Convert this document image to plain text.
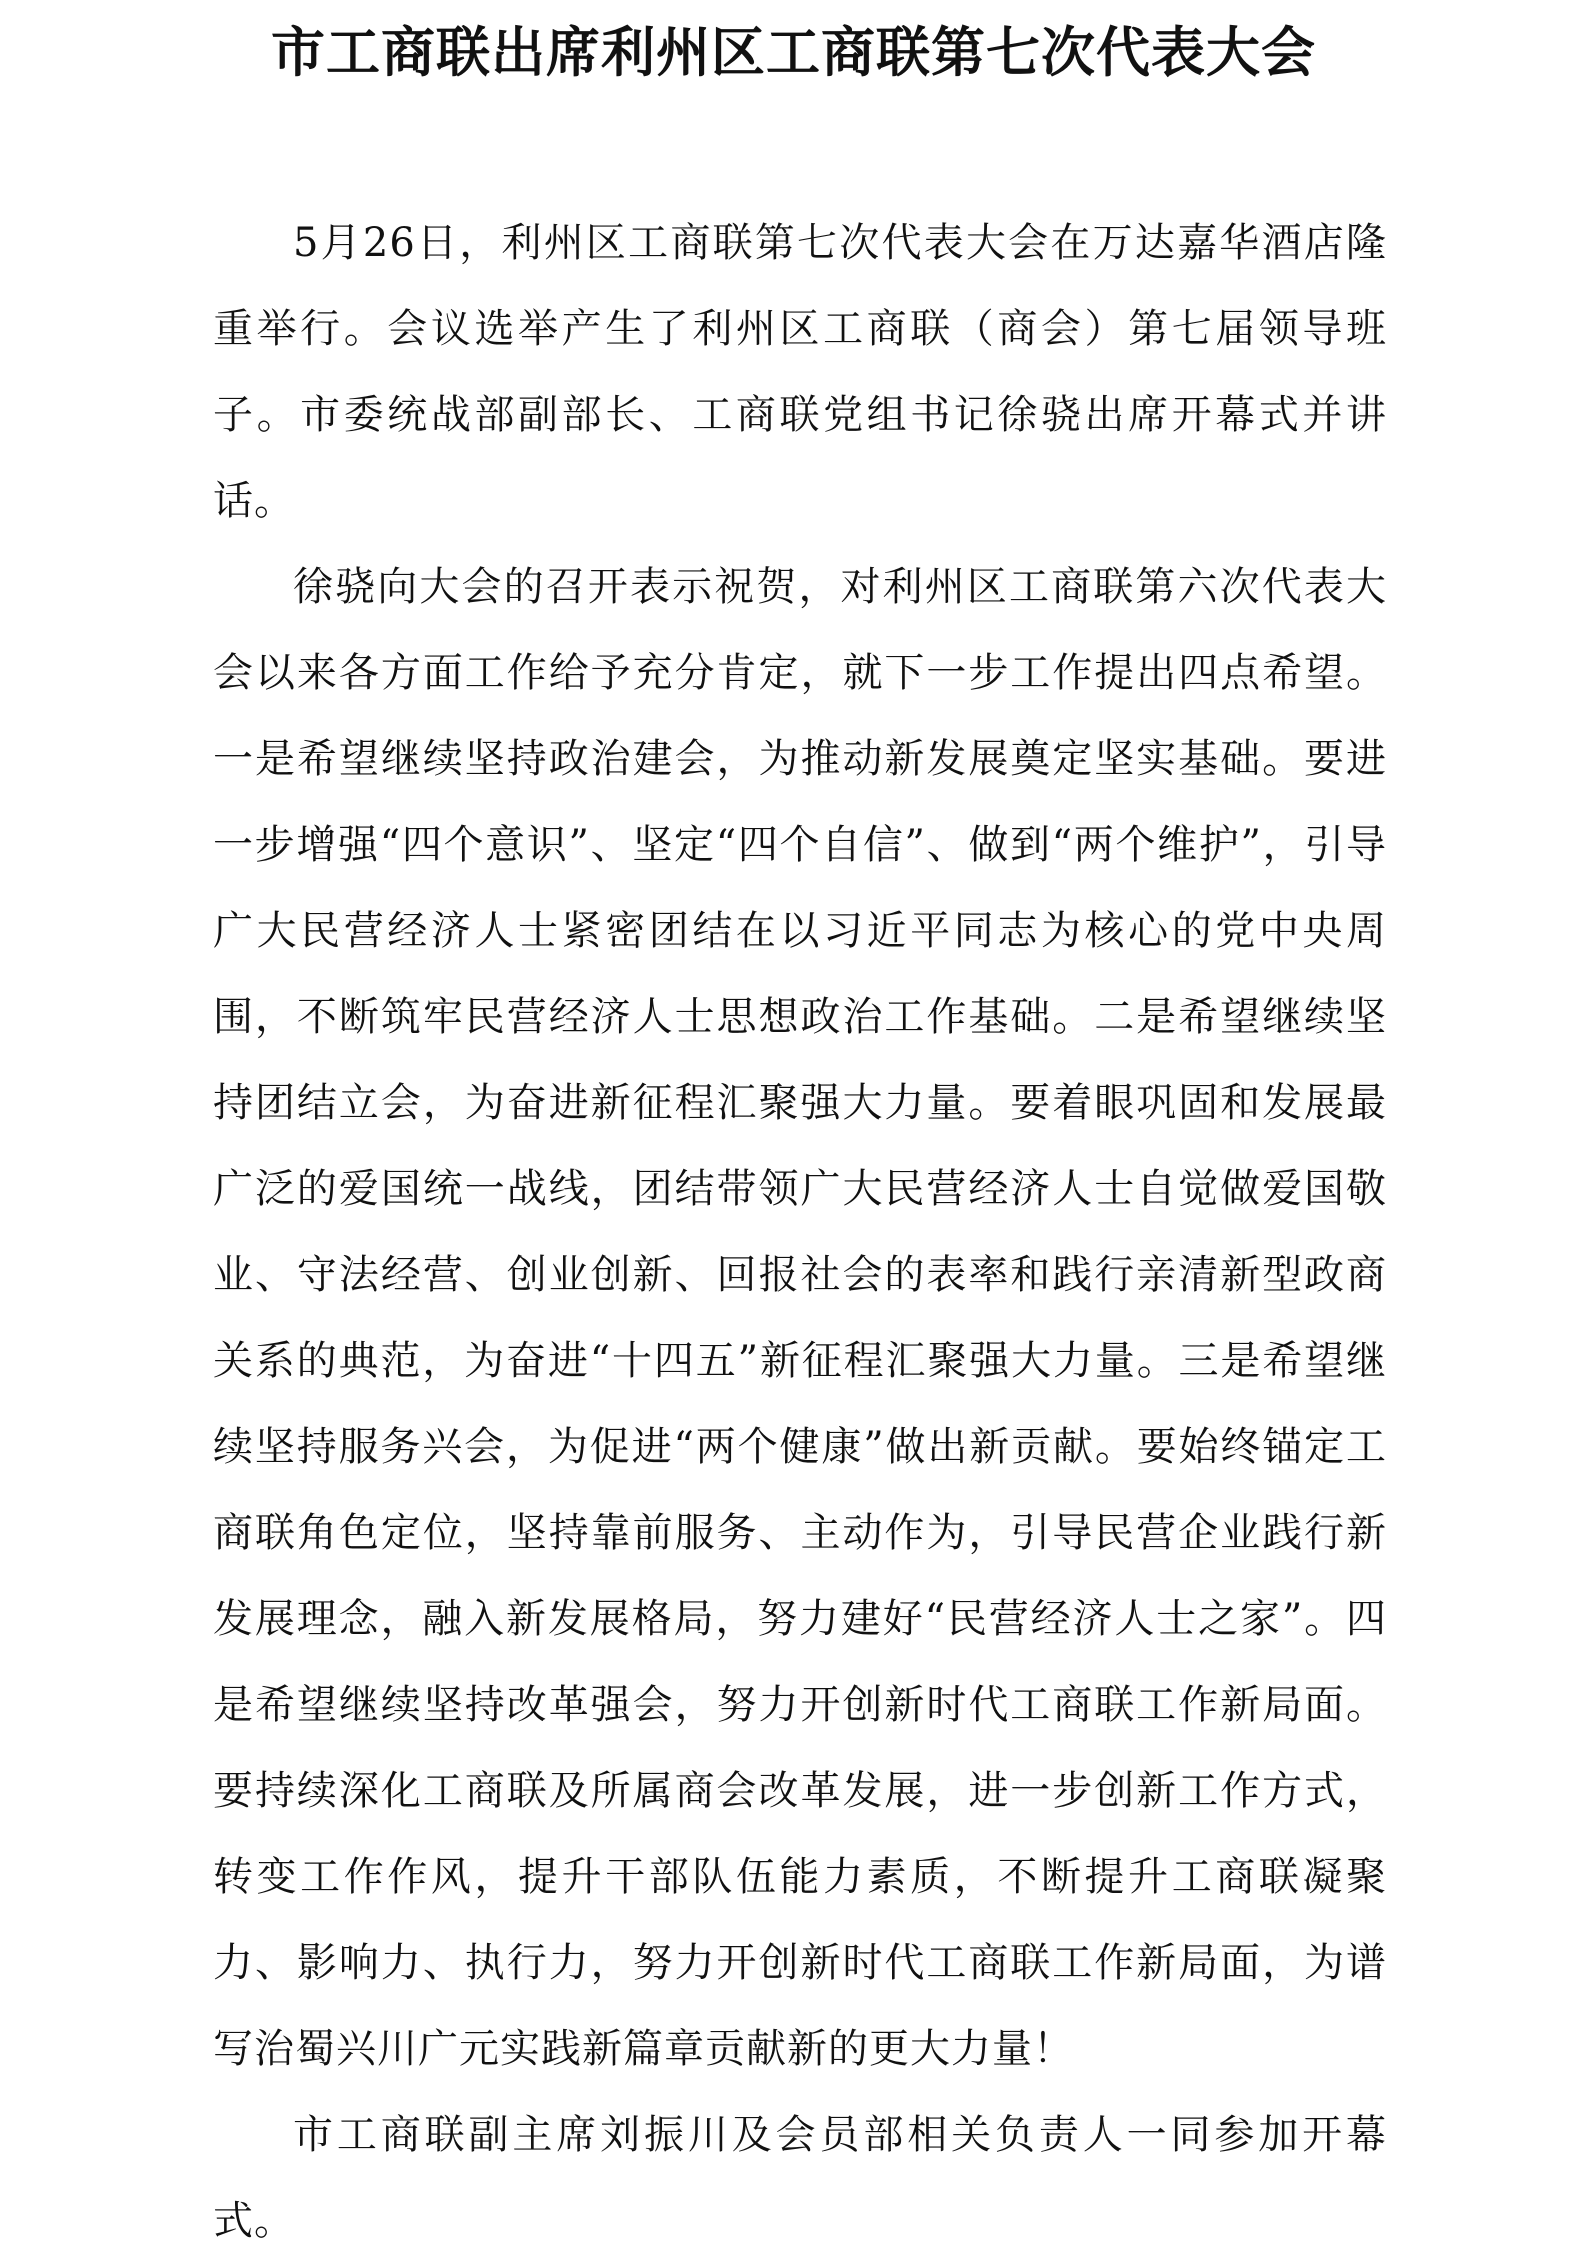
市工商联出席利州区工商联第七次代表大会

5月26日，利州区工商联第七次代表大会在万达嘉华酒店隆重举行。会议选举产生了利州区工商联（商会）第七届领导班子。市委统战部副部长、工商联党组书记徐骁出席开幕式并讲话。

徐骁向大会的召开表示祝贺，对利州区工商联第六次代表大会以来各方面工作给予充分肯定，就下一步工作提出四点希望。一是希望继续坚持政治建会，为推动新发展奠定坚实基础。要进一步增强“四个意识”、坚定“四个自信”、做到“两个维护”，引导广大民营经济人士紧密团结在以习近平同志为核心的党中央周围，不断筑牢民营经济人士思想政治工作基础。二是希望继续坚持团结立会，为奋进新征程汇聚强大力量。要着眼巩固和发展最广泛的爱国统一战线，团结带领广大民营经济人士自觉做爱国敬业、守法经营、创业创新、回报社会的表率和践行亲清新型政商关系的典范，为奋进“十四五”新征程汇聚强大力量。三是希望继续坚持服务兴会，为促进“两个健康”做出新贡献。要始终锚定工商联角色定位，坚持靠前服务、主动作为，引导民营企业践行新发展理念，融入新发展格局，努力建好“民营经济人士之家”。四是希望继续坚持改革强会，努力开创新时代工商联工作新局面。要持续深化工商联及所属商会改革发展，进一步创新工作方式，转变工作作风，提升干部队伍能力素质，不断提升工商联凝聚力、影响力、执行力，努力开创新时代工商联工作新局面，为谱写治蜀兴川广元实践新篇章贡献新的更大力量！

市工商联副主席刘振川及会员部相关负责人一同参加开幕式。
